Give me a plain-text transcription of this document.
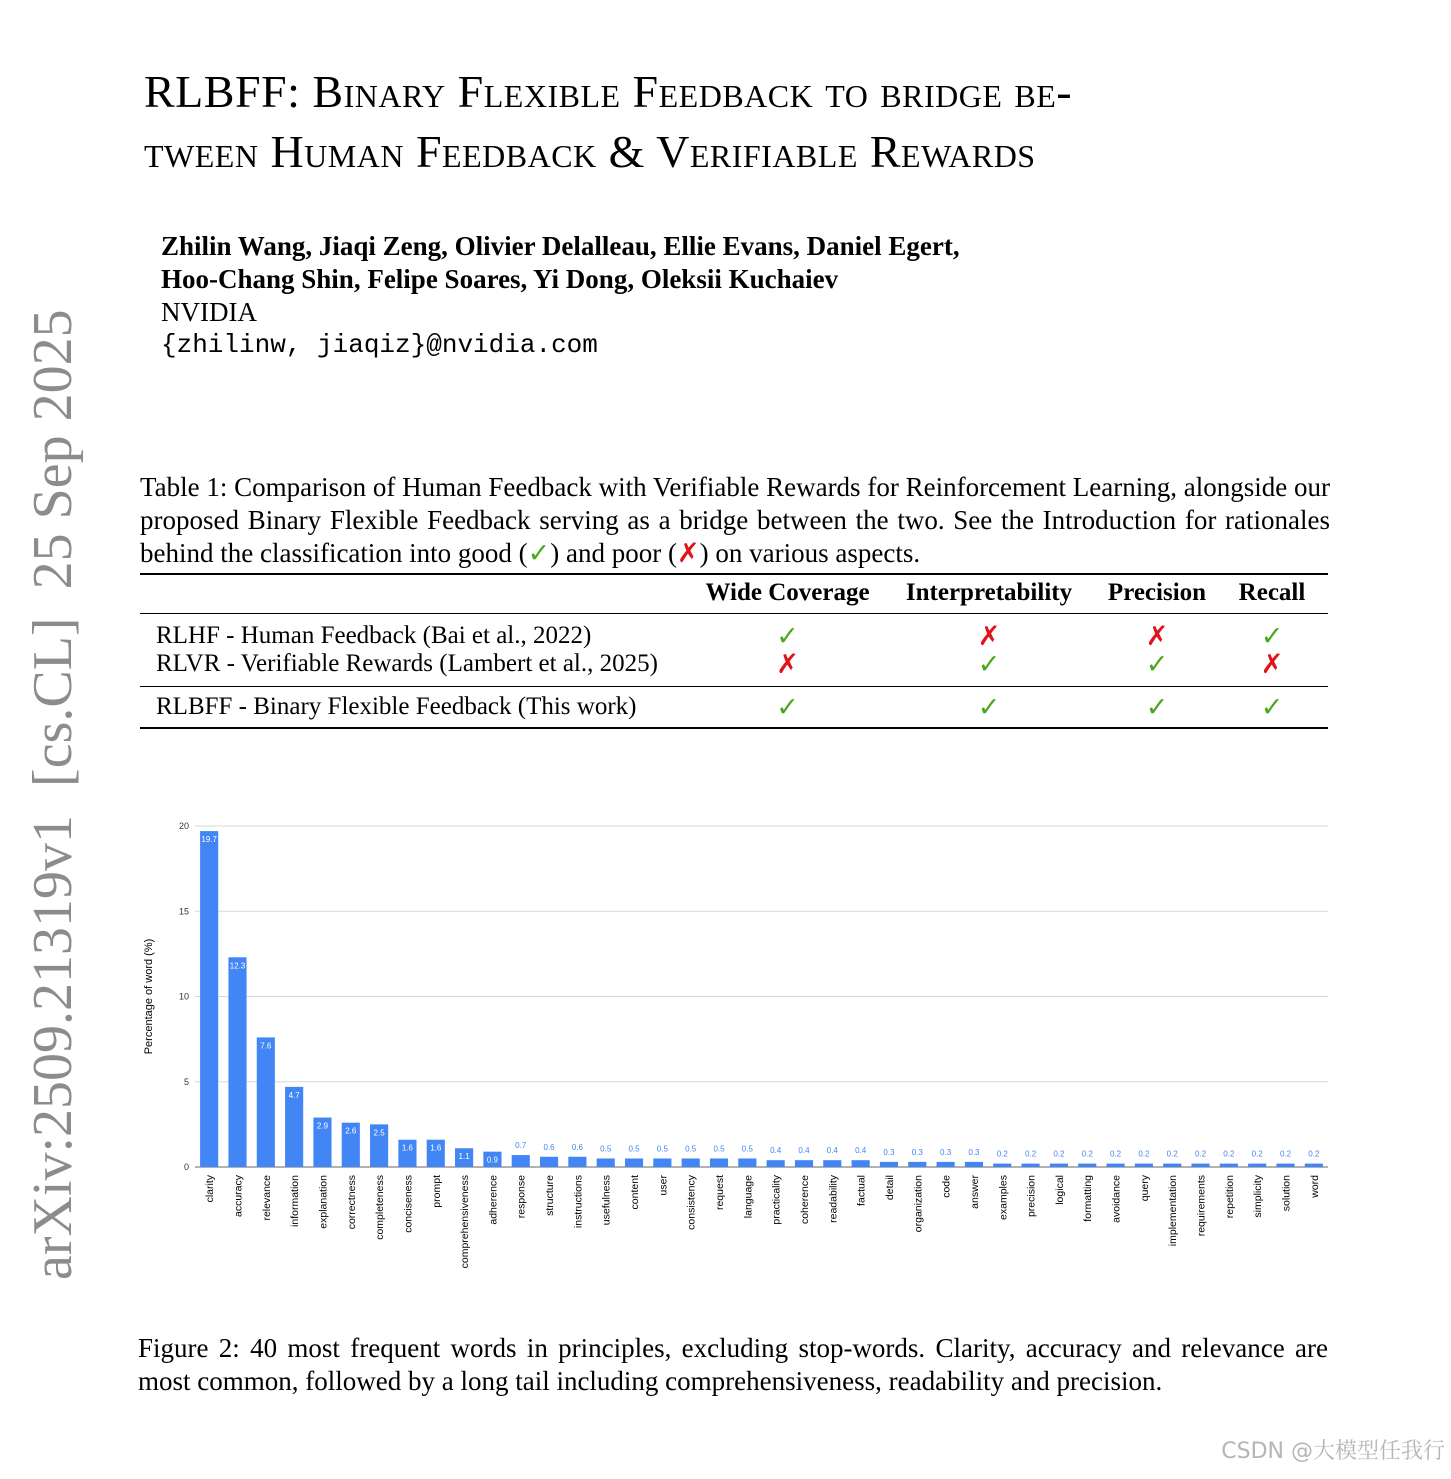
arXiv:2509.21319v1  [cs.CL]  25 Sep 2025
RLBFF: Binary Flexible Feedback to bridge be-
tween Human Feedback & Verifiable Rewards
Zhilin Wang, Jiaqi Zeng, Olivier Delalleau, Ellie Evans, Daniel Egert,
Hoo-Chang Shin, Felipe Soares, Yi Dong, Oleksii Kuchaiev
NVIDIA
{zhilinw, jiaqiz}@nvidia.com
Table 1: Comparison of Human Feedback with Verifiable Rewards for Reinforcement Learning, alongside our proposed Binary Flexible Feedback serving as a bridge between the two. See the Introduction for rationales behind the classification into good (✓) and poor (✗) on various aspects.
	Wide Coverage	Interpretability	Precision	Recall
RLHF - Human Feedback (Bai et al., 2022)	✓	✗	✗	✓
RLVR - Verifiable Rewards (Lambert et al., 2025)	✗	✓	✓	✗
RLBFF - Binary Flexible Feedback (This work)	✓	✓	✓	✓
0
5
10
15
20
Percentage of word (%)
19.7
clarity
12.3
accuracy
7.6
relevance
4.7
information
2.9
explanation
2.6
correctness
2.5
completeness
1.6
conciseness
1.6
prompt
1.1
comprehensiveness
0.9
adherence
0.7
response
0.6
structure
0.6
instructions
0.5
usefulness
0.5
content
0.5
user
0.5
consistency
0.5
request
0.5
language
0.4
practicality
0.4
coherence
0.4
readability
0.4
factual
0.3
detail
0.3
organization
0.3
code
0.3
answer
0.2
examples
0.2
precision
0.2
logical
0.2
formatting
0.2
avoidance
0.2
query
0.2
implementation
0.2
requirements
0.2
repetition
0.2
simplicity
0.2
solution
0.2
word
Figure 2: 40 most frequent words in principles, excluding stop-words. Clarity, accuracy and relevance are most common, followed by a long tail including comprehensiveness, readability and precision.
CSDN @大模型任我行
